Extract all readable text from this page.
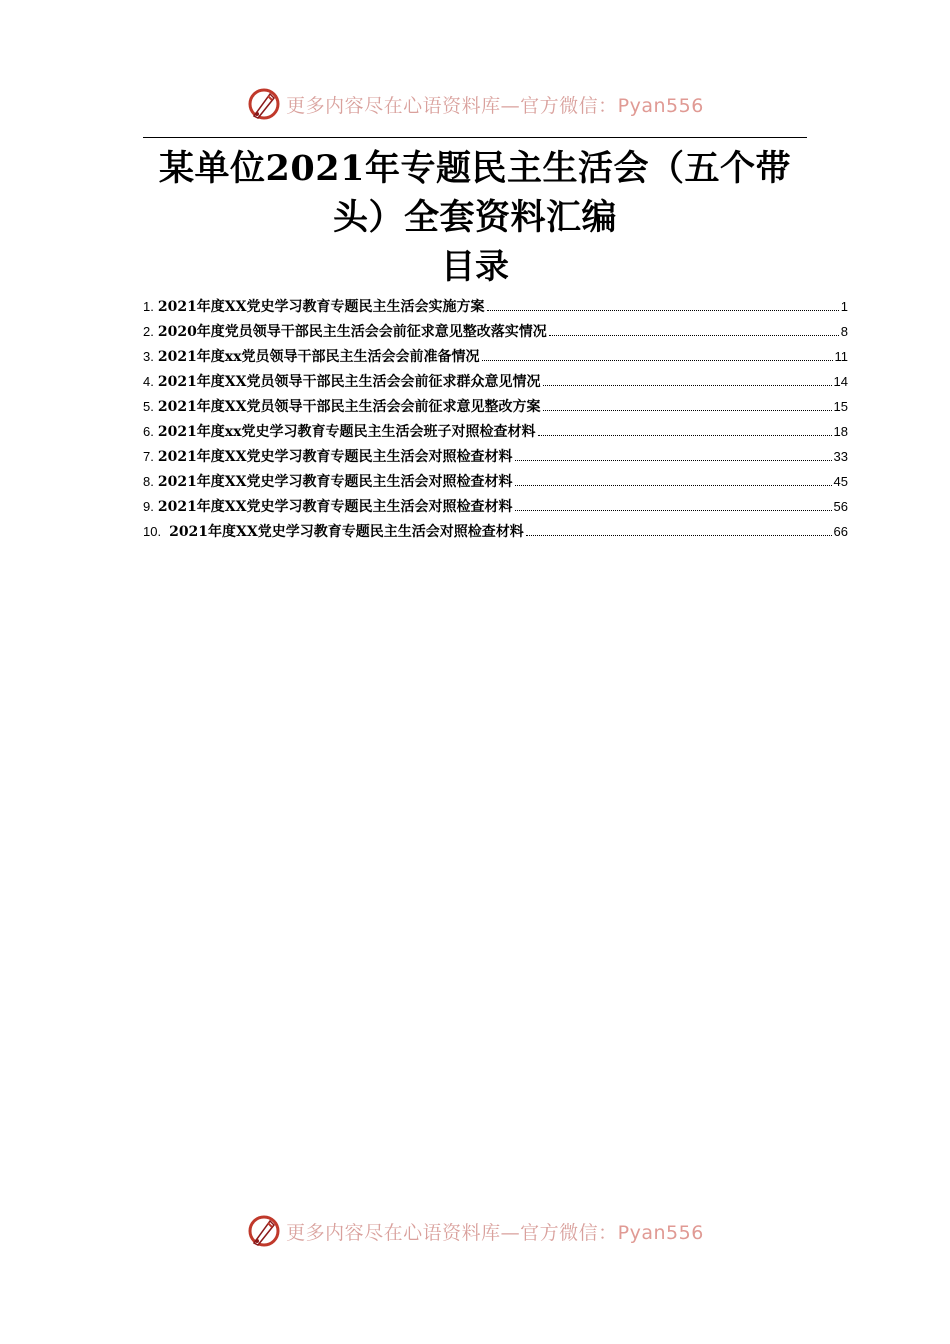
更多内容尽在心语资料库—官方微信：Pyan556
某单位2021年专题民主生活会（五个带头）全套资料汇编
目录
1. 2021年度XX党史学习教育专题民主生活会实施方案	1
2. 2020年度党员领导干部民主生活会会前征求意见整改落实情况	8
3. 2021年度xx党员领导干部民主生活会会前准备情况	11
4. 2021年度XX党员领导干部民主生活会会前征求群众意见情况	14
5. 2021年度XX党员领导干部民主生活会会前征求意见整改方案	15
6. 2021年度xx党史学习教育专题民主生活会班子对照检查材料	18
7. 2021年度XX党史学习教育专题民主生活会对照检查材料	33
8. 2021年度XX党史学习教育专题民主生活会对照检查材料	45
9. 2021年度XX党史学习教育专题民主生活会对照检查材料	56
10. 2021年度XX党史学习教育专题民主生活会对照检查材料	66
更多内容尽在心语资料库—官方微信：Pyan556
